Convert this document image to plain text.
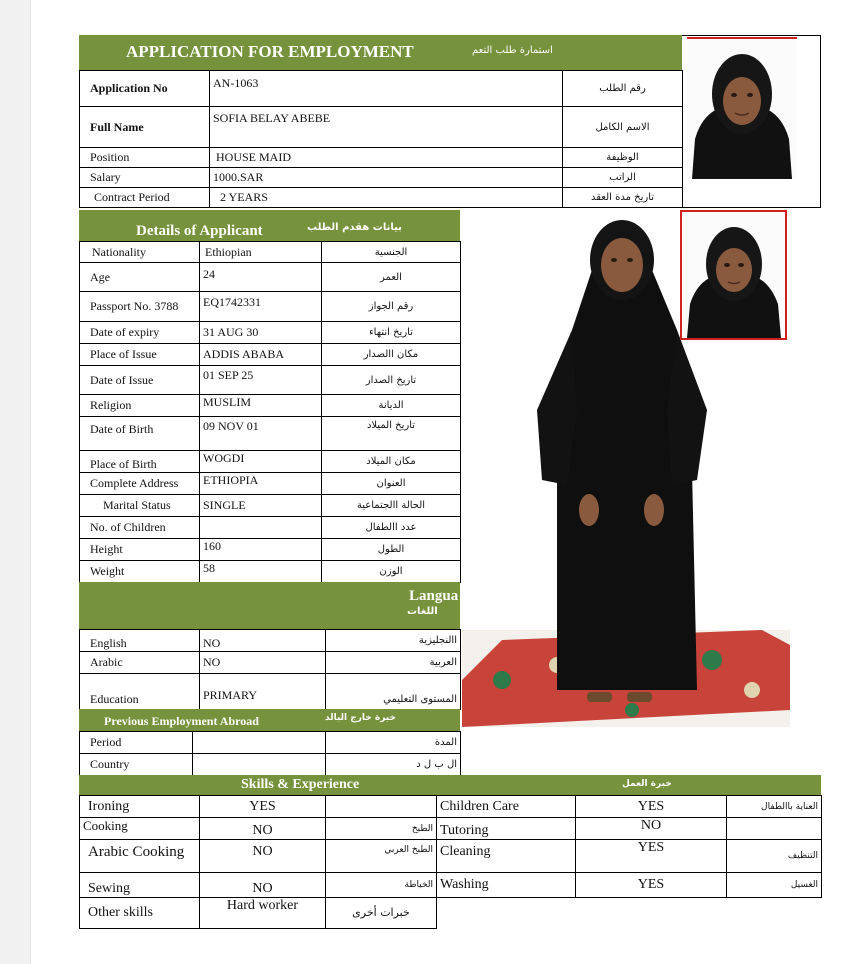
APPLICATION FOR EMPLOYMENT	استمارة طلب التعم
Application No	AN-1063	رقم الطلب
Full Name	SOFIA BELAY ABEBE	الاسم الكامل
Position	HOUSE MAID	الوظيفة
Salary	1000.SAR	الراتب
Contract Period	2 YEARS	تاريخ مدة العقد
Details of Applicant	بيانات هقدم الطلب
Nationality	Ethiopian	الجنسية
Age	24	العمر
Passport No. 3788	EQ1742331	رقم الجواز
Date of expiry	31 AUG 30	تاريخ انتهاء
Place of Issue	ADDIS ABABA	مكان االصدار
Date of Issue	01 SEP 25	تاريخ الصدار
Religion	MUSLIM	الديانة
Date of Birth	09 NOV 01	تاريخ الميلاد
Place of Birth	WOGDI	مكان الميلاد
Complete Address	ETHIOPIA	العنوان
Marital Status	SINGLE	الحالة االجتماعية
No. of Children		عدد االطفال
Height	160	الطول
Weight	58	الوزن
Langua
اللغات
English	NO	االنجليزية
Arabic	NO	العربية
Education	PRIMARY	المستوى التعليمي
Previous Employment Abroad	خبرة خارج البالد
Period		المدة
Country		ال ب ل د
Skills & Experience	خبرة العمل
Ironing	YES		Children Care	YES	العناية باالطفال
Cooking	NO	الطبخ	Tutoring	NO	
Arabic Cooking	NO	الطبخ العربي	Cleaning	YES	التنظيف
Sewing	NO	الخياطة	Washing	YES	الغسيل
Other skills	Hard worker	خبرات أخرى
